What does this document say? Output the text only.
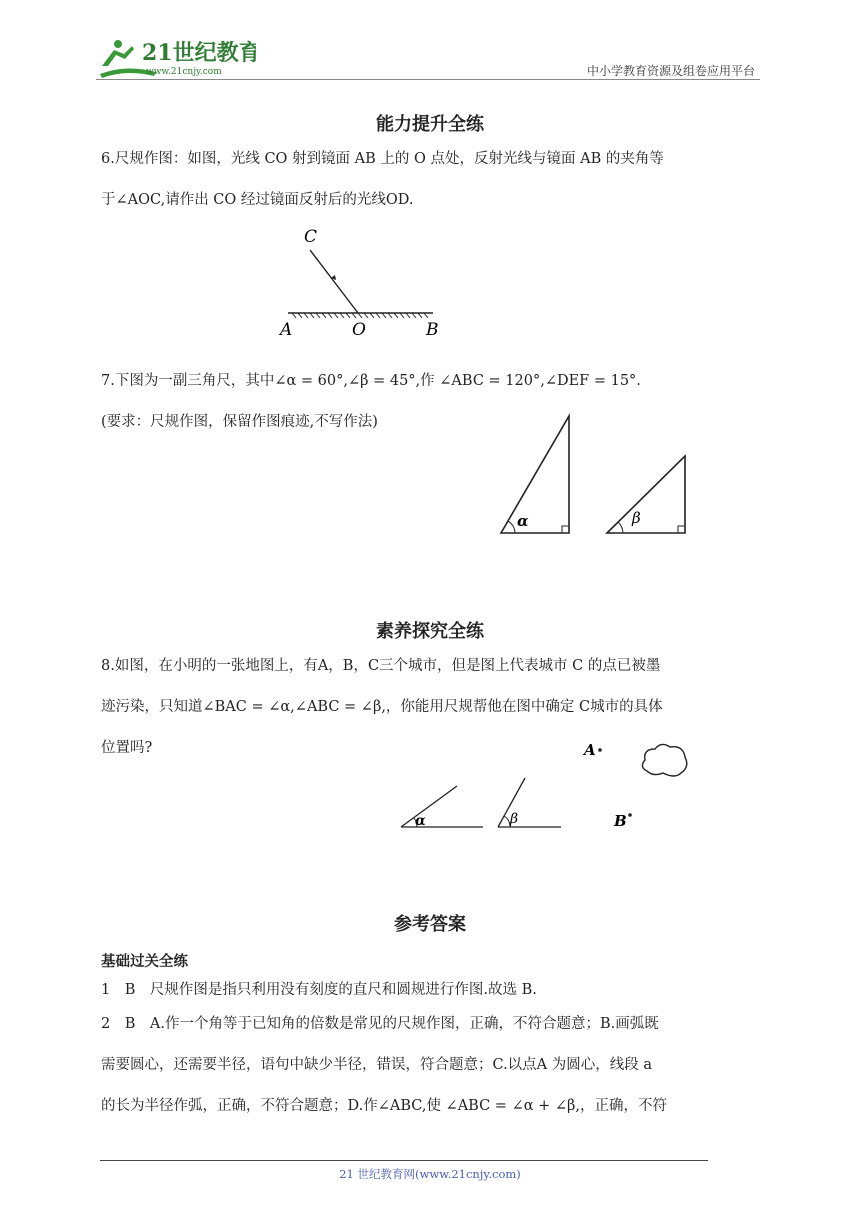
21世纪教育
www.21cnjy.com	中小学教育资源及组卷应用平台
能力提升全练
6.尺规作图：如图，光线 CO 射到镜面 AB 上的 O 点处，反射光线与镜面 AB 的夹角等
于∠AOC,请作出 CO 经过镜面反射后的光线OD.
C
A	O	B
7.下图为一副三角尺，其中∠α = 60°,∠β = 45°,作 ∠ABC = 120°,∠DEF = 15°.
(要求：尺规作图，保留作图痕迹,不写作法)
α	β
素养探究全练
8.如图，在小明的一张地图上，有A，B，C三个城市，但是图上代表城市 C 的点已被墨
迹污染，只知道∠BAC = ∠α,∠ABC = ∠β,，你能用尺规帮他在图中确定 C城市的具体
位置吗?
α	β
A
B
参考答案
基础过关全练
1　B　尺规作图是指只利用没有刻度的直尺和圆规进行作图.故选 B.
2　B　A.作一个角等于已知角的倍数是常见的尺规作图，正确，不符合题意；B.画弧既
需要圆心，还需要半径，语句中缺少半径，错误，符合题意；C.以点A 为圆心，线段 a
的长为半径作弧，正确，不符合题意；D.作∠ABC,使 ∠ABC = ∠α + ∠β,，正确，不符
21 世纪教育网(www.21cnjy.com)
